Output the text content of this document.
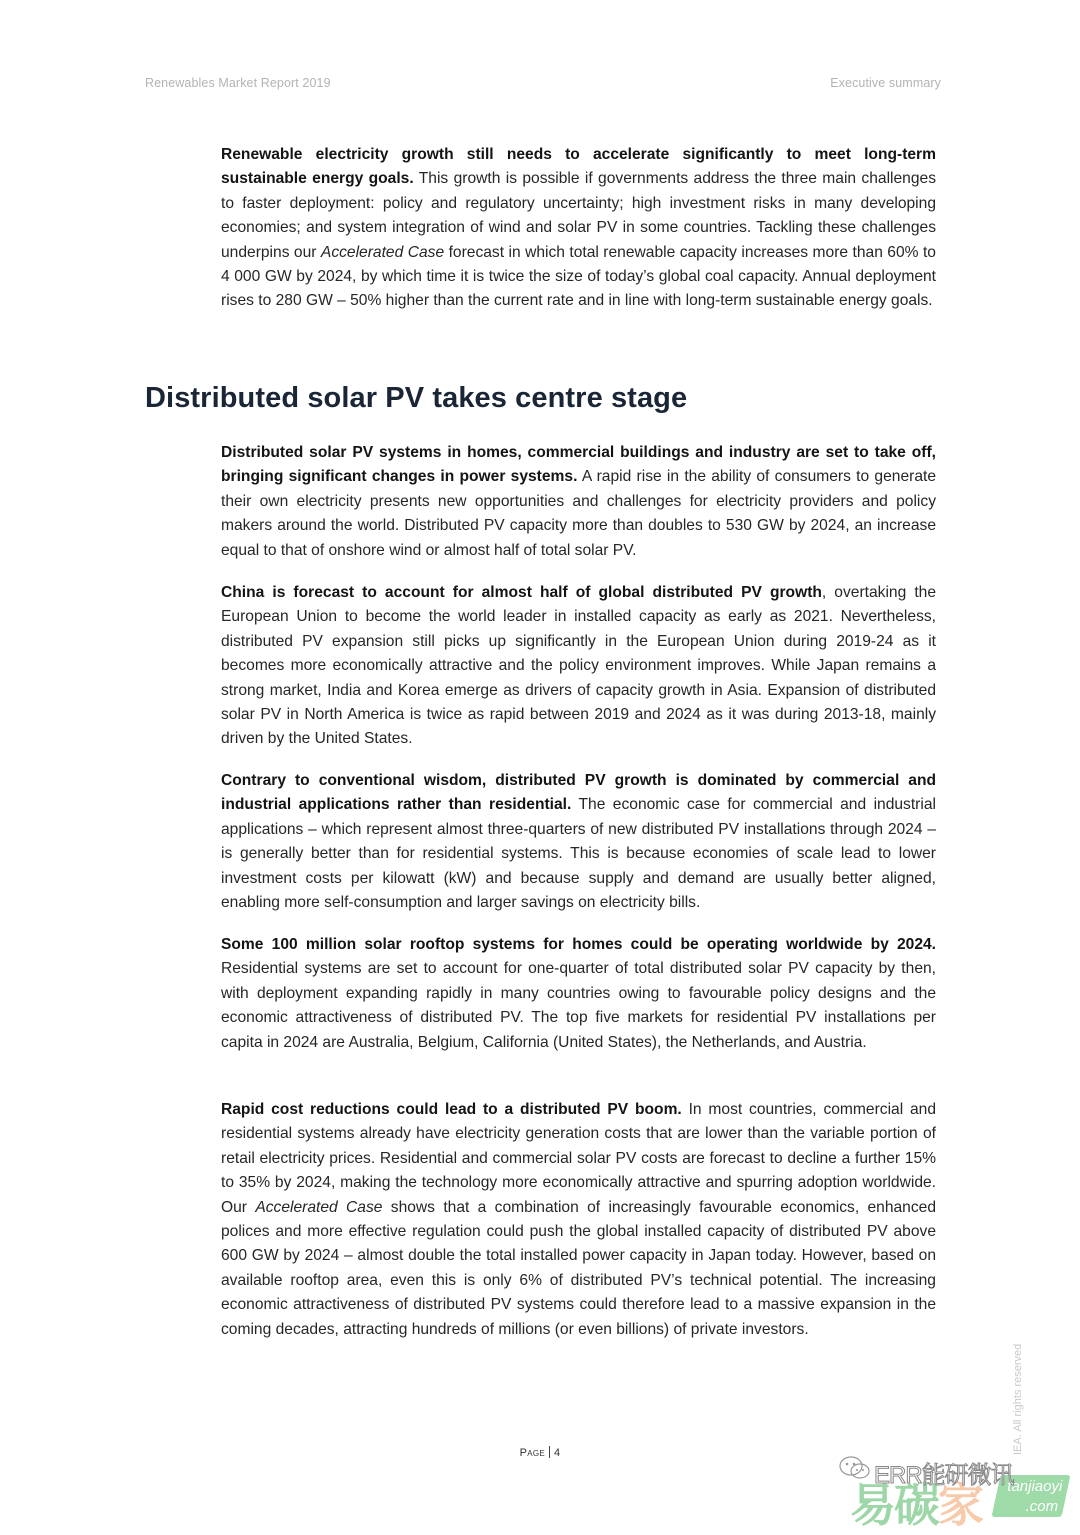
Renewables Market Report 2019	Executive summary

Renewable electricity growth still needs to accelerate significantly to meet long-term sustainable energy goals. This growth is possible if governments address the three main challenges to faster deployment: policy and regulatory uncertainty; high investment risks in many developing economies; and system integration of wind and solar PV in some countries. Tackling these challenges underpins our Accelerated Case forecast in which total renewable capacity increases more than 60% to 4 000 GW by 2024, by which time it is twice the size of today’s global coal capacity. Annual deployment rises to 280 GW – 50% higher than the current rate and in line with long-term sustainable energy goals.

Distributed solar PV takes centre stage

Distributed solar PV systems in homes, commercial buildings and industry are set to take off, bringing significant changes in power systems. A rapid rise in the ability of consumers to generate their own electricity presents new opportunities and challenges for electricity providers and policy makers around the world. Distributed PV capacity more than doubles to 530 GW by 2024, an increase equal to that of onshore wind or almost half of total solar PV.

China is forecast to account for almost half of global distributed PV growth, overtaking the European Union to become the world leader in installed capacity as early as 2021. Nevertheless, distributed PV expansion still picks up significantly in the European Union during 2019-24 as it becomes more economically attractive and the policy environment improves. While Japan remains a strong market, India and Korea emerge as drivers of capacity growth in Asia. Expansion of distributed solar PV in North America is twice as rapid between 2019 and 2024 as it was during 2013-18, mainly driven by the United States.

Contrary to conventional wisdom, distributed PV growth is dominated by commercial and industrial applications rather than residential. The economic case for commercial and industrial applications – which represent almost three-quarters of new distributed PV installations through 2024 – is generally better than for residential systems. This is because economies of scale lead to lower investment costs per kilowatt (kW) and because supply and demand are usually better aligned, enabling more self-consumption and larger savings on electricity bills.

Some 100 million solar rooftop systems for homes could be operating worldwide by 2024. Residential systems are set to account for one-quarter of total distributed solar PV capacity by then, with deployment expanding rapidly in many countries owing to favourable policy designs and the economic attractiveness of distributed PV. The top five markets for residential PV installations per capita in 2024 are Australia, Belgium, California (United States), the Netherlands, and Austria.

Rapid cost reductions could lead to a distributed PV boom. In most countries, commercial and residential systems already have electricity generation costs that are lower than the variable portion of retail electricity prices. Residential and commercial solar PV costs are forecast to decline a further 15% to 35% by 2024, making the technology more economically attractive and spurring adoption worldwide. Our Accelerated Case shows that a combination of increasingly favourable economics, enhanced polices and more effective regulation could push the global installed capacity of distributed PV above 600 GW by 2024 – almost double the total installed power capacity in Japan today. However, based on available rooftop area, even this is only 6% of distributed PV’s technical potential. The increasing economic attractiveness of distributed PV systems could therefore lead to a massive expansion in the coming decades, attracting hundreds of millions (or even billions) of private investors.

Page 4	IEA. All rights reserved
tanjiaoyi
.com
易碳家
ERR能研微讯
